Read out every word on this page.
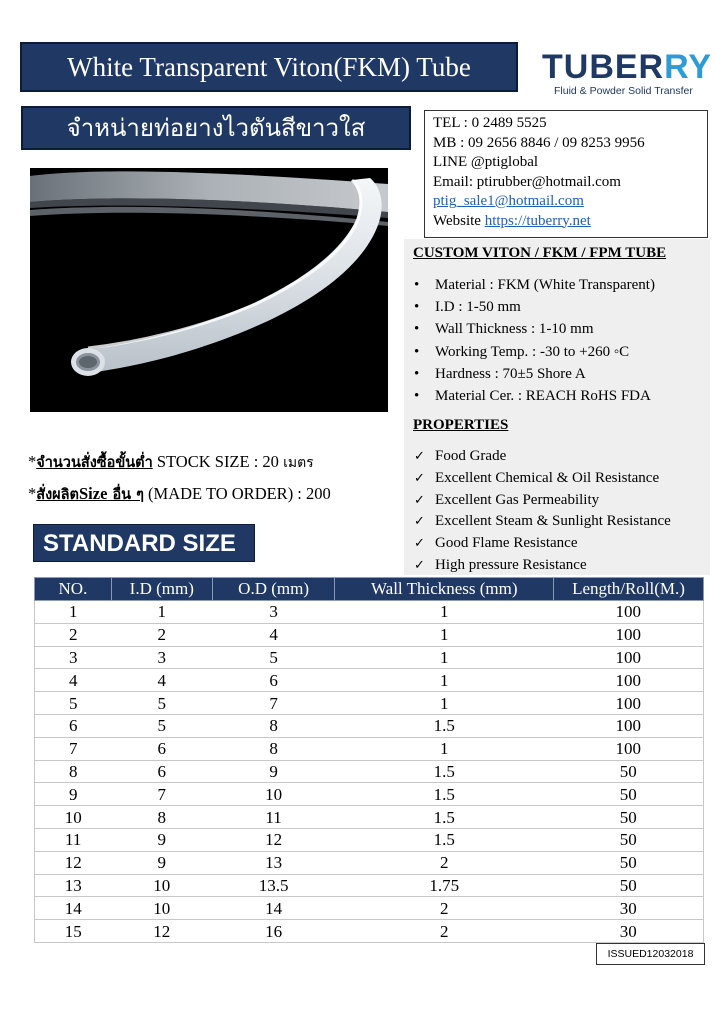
White Transparent Viton(FKM) Tube	TUBERRY
Fluid & Powder Solid Transfer
จำหน่ายท่อยางไวตันสีขาวใส	TEL : 0 2489 5525
MB : 09 2656 8846 / 09 8253 9956
LINE @ptiglobal
Email: ptirubber@hotmail.com
ptig_sale1@hotmail.com
Website https://tuberry.net
CUSTOM VITON / FKM / FPM TUBE
• Material : FKM (White Transparent)
• I.D : 1-50 mm
• Wall Thickness : 1-10 mm
• Working Temp. : -30 to +260 ◦C
• Hardness : 70±5 Shore A
• Material Cer. : REACH RoHS FDA
PROPERTIES
✓ Food Grade
✓ Excellent Chemical & Oil Resistance
✓ Excellent Gas Permeability
✓ Excellent Steam & Sunlight Resistance
✓ Good Flame Resistance
✓ High pressure Resistance
*จำนวนสั่งซื้อขั้นต่ำ STOCK SIZE : 20 เมตร
*สั่งผลิตSize อื่น ๆ (MADE TO ORDER) : 200
STANDARD SIZE
NO.	I.D (mm)	O.D (mm)	Wall Thickness (mm)	Length/Roll(M.)
1	1	3	1	100
2	2	4	1	100
3	3	5	1	100
4	4	6	1	100
5	5	7	1	100
6	5	8	1.5	100
7	6	8	1	100
8	6	9	1.5	50
9	7	10	1.5	50
10	8	11	1.5	50
11	9	12	1.5	50
12	9	13	2	50
13	10	13.5	1.75	50
14	10	14	2	30
15	12	16	2	30
ISSUED12032018
